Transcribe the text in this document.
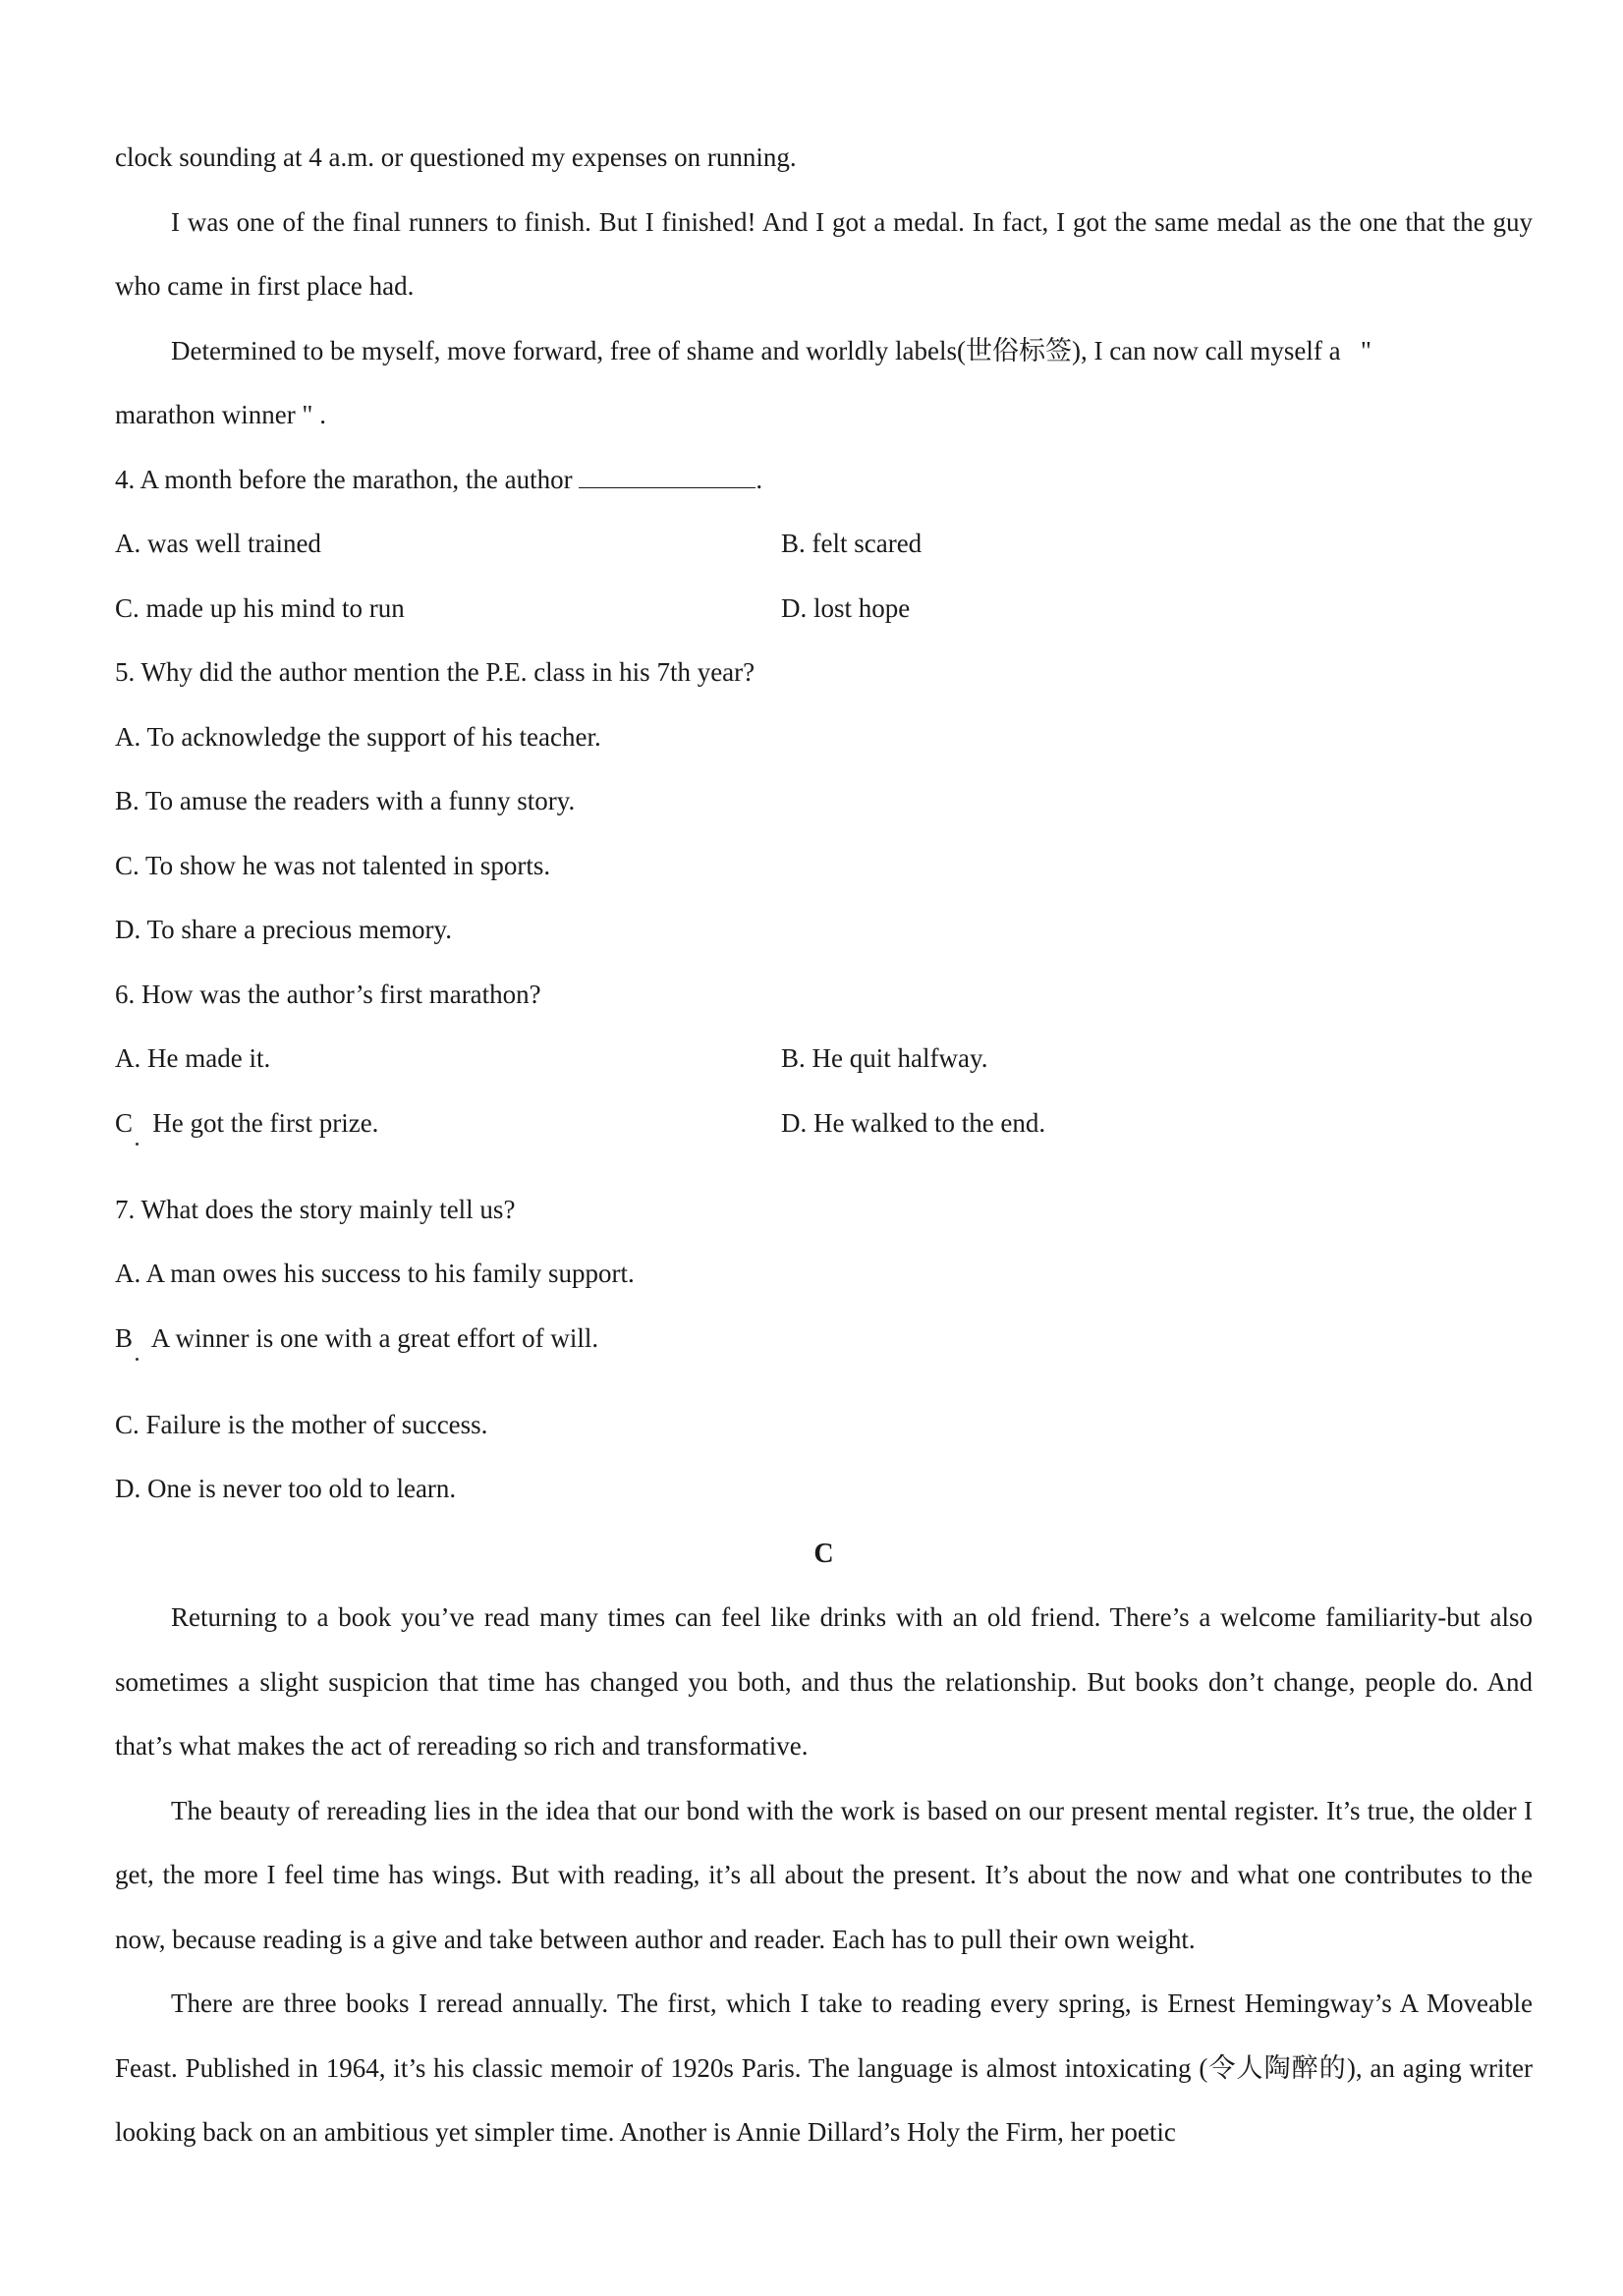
clock sounding at 4 a.m. or questioned my expenses on running.

I was one of the final runners to finish. But I finished! And I got a medal. In fact, I got the same medal as the one that the guy who came in first place had.

Determined to be myself, move forward, free of shame and worldly labels(世俗标签), I can now call myself a   "
marathon winner " .
4. A month before the marathon, the author	.
A. was well trained	B. felt scared
C. made up his mind to run	D. lost hope
5. Why did the author mention the P.E. class in his 7th year?
A. To acknowledge the support of his teacher.
B. To amuse the readers with a funny story.
C. To show he was not talented in sports.
D. To share a precious memory.
6. How was the author’s first marathon?
A. He made it.	B. He quit halfway.
C   He got the first prize.	D. He walked to the end.
7. What does the story mainly tell us?
A. A man owes his success to his family support.
B   A winner is one with a great effort of will.
C. Failure is the mother of success.
D. One is never too old to learn.
C

Returning to a book you’ve read many times can feel like drinks with an old friend. There’s a welcome familiarity-but also sometimes a slight suspicion that time has changed you both, and thus the relationship. But books don’t change, people do. And that’s what makes the act of rereading so rich and transformative.

The beauty of rereading lies in the idea that our bond with the work is based on our present mental register. It’s true, the older I get, the more I feel time has wings. But with reading, it’s all about the present. It’s about the now and what one contributes to the now, because reading is a give and take between author and reader. Each has to pull their own weight.

There are three books I reread annually. The first, which I take to reading every spring, is Ernest Hemingway’s A Moveable Feast. Published in 1964, it’s his classic memoir of 1920s Paris. The language is almost intoxicating (令人陶醉的), an aging writer looking back on an ambitious yet simpler time. Another is Annie Dillard’s Holy the Firm, her poetic
